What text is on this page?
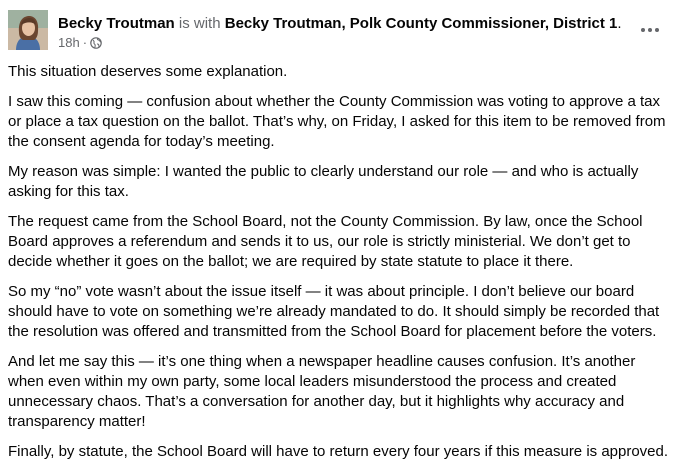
Becky Troutman is with Becky Troutman, Polk County Commissioner, District 1.
18h ·

This situation deserves some explanation.

I saw this coming — confusion about whether the County Commission was voting to approve a tax or place a tax question on the ballot. That’s why, on Friday, I asked for this item to be removed from the consent agenda for today’s meeting.

My reason was simple: I wanted the public to clearly understand our role — and who is actually asking for this tax.

The request came from the School Board, not the County Commission. By law, once the School Board approves a referendum and sends it to us, our role is strictly ministerial. We don’t get to decide whether it goes on the ballot; we are required by state statute to place it there.

So my “no” vote wasn’t about the issue itself — it was about principle. I don’t believe our board should have to vote on something we’re already mandated to do. It should simply be recorded that the resolution was offered and transmitted from the School Board for placement before the voters.

And let me say this — it’s one thing when a newspaper headline causes confusion. It’s another when even within my own party, some local leaders misunderstood the process and created unnecessary chaos. That’s a conversation for another day, but it highlights why accuracy and transparency matter!

Finally, by statute, the School Board will have to return every four years if this measure is approved.
